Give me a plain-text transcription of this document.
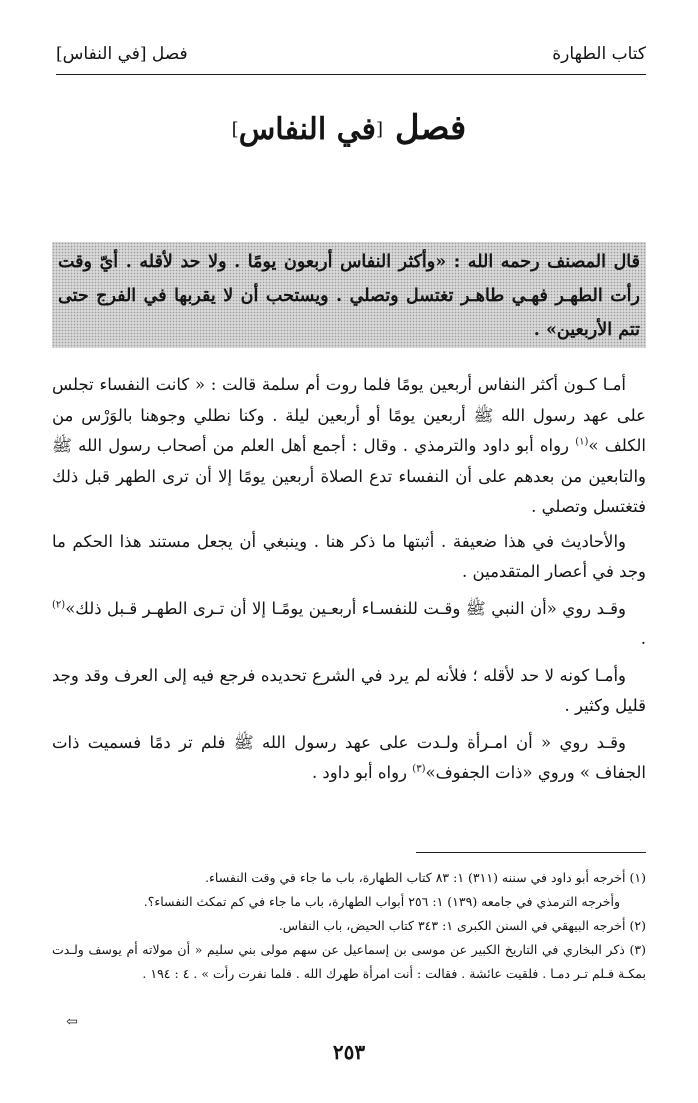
كتاب الطهارة
فصل [في النفاس]
فصل [في النفاس]
قال المصنف رحمه الله : «وأكثر النفاس أربعون يومًا . ولا حد لأقله . أيّ وقت رأت الطهـر فهـي طاهـر تغتسل وتصلي . ويستحب أن لا يقربها في الفرج حتى تتم الأربعين» .

أمـا كـون أكثر النفاس أربعين يومًا فلما روت أم سلمة قالت : « كانت النفساء تجلس على عهد رسول الله ﷺ أربعين يومًا أو أربعين ليلة . وكنا نطلي وجوهنا بالوَرْس من الكلف »$^{(١)}$ رواه أبو داود والترمذي . وقال : أجمع أهل العلم من أصحاب رسول الله ﷺ والتابعين من بعدهم على أن النفساء تدع الصلاة أربعين يومًا إلا أن ترى الطهر قبل ذلك فتغتسل وتصلي .

والأحاديث في هذا ضعيفة . أثبتها ما ذكر هنا . وينبغي أن يجعل مستند هذا الحكم ما وجد في أعصار المتقدمين .

وقـد روي «أن النبي ﷺ وقـت للنفسـاء أربعـين يومًـا إلا أن تـرى الطهـر قـبل ذلك»$^{(٢)}$ .

وأمـا كونه لا حد لأقله ؛ فلأنه لم يرد في الشرع تحديده فرجع فيه إلى العرف وقد وجد قليل وكثير .

وقـد روي « أن امـرأة ولـدت على عهد رسول الله ﷺ فلم تر دمًا فسميت ذات الجفاف » وروي «ذات الجفوف»$^{(٣)}$ رواه أبو داود .

(١) أخرجه أبو داود في سننه (٣١١) ١: ٨٣ كتاب الطهارة، باب ما جاء في وقت النفساء.

وأخرجه الترمذي في جامعه (١٣٩) ١: ٢٥٦ أبواب الطهارة، باب ما جاء في كم تمكث النفساء؟.

(٢) أخرجه البيهقي في السنن الكبرى ١: ٣٤٣ كتاب الحيض، باب النفاس.

(٣) ذكر البخاري في التاريخ الكبير عن موسى بن إسماعيل عن سهم مولى بني سليم « أن مولاته أم يوسف ولـدت بمكـة فـلم تـر دمـا . فلقيت عائشة . فقالت : أنت امرأة طهرك الله . فلما نفرت رأت » . ٤ : ١٩٤ .

⇦
٢٥٣
